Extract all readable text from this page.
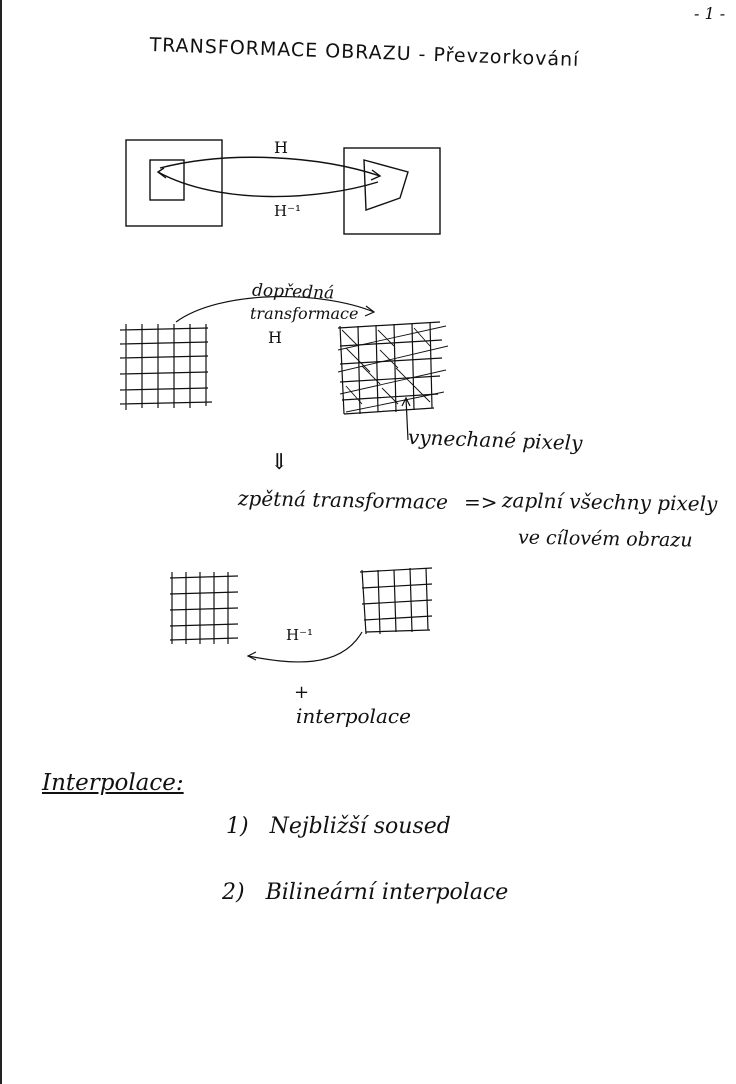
- 1 -
TRANSFORMACE OBRAZU - Převzorkování
H
H⁻¹
dopředná
transformace
H
vynechané pixely
⇓
zpětná transformace => zaplní všechny pixely
ve cílovém obrazu
H⁻¹
+
interpolace
Interpolace:
1) Nejbližší soused
2) Bilineární interpolace
